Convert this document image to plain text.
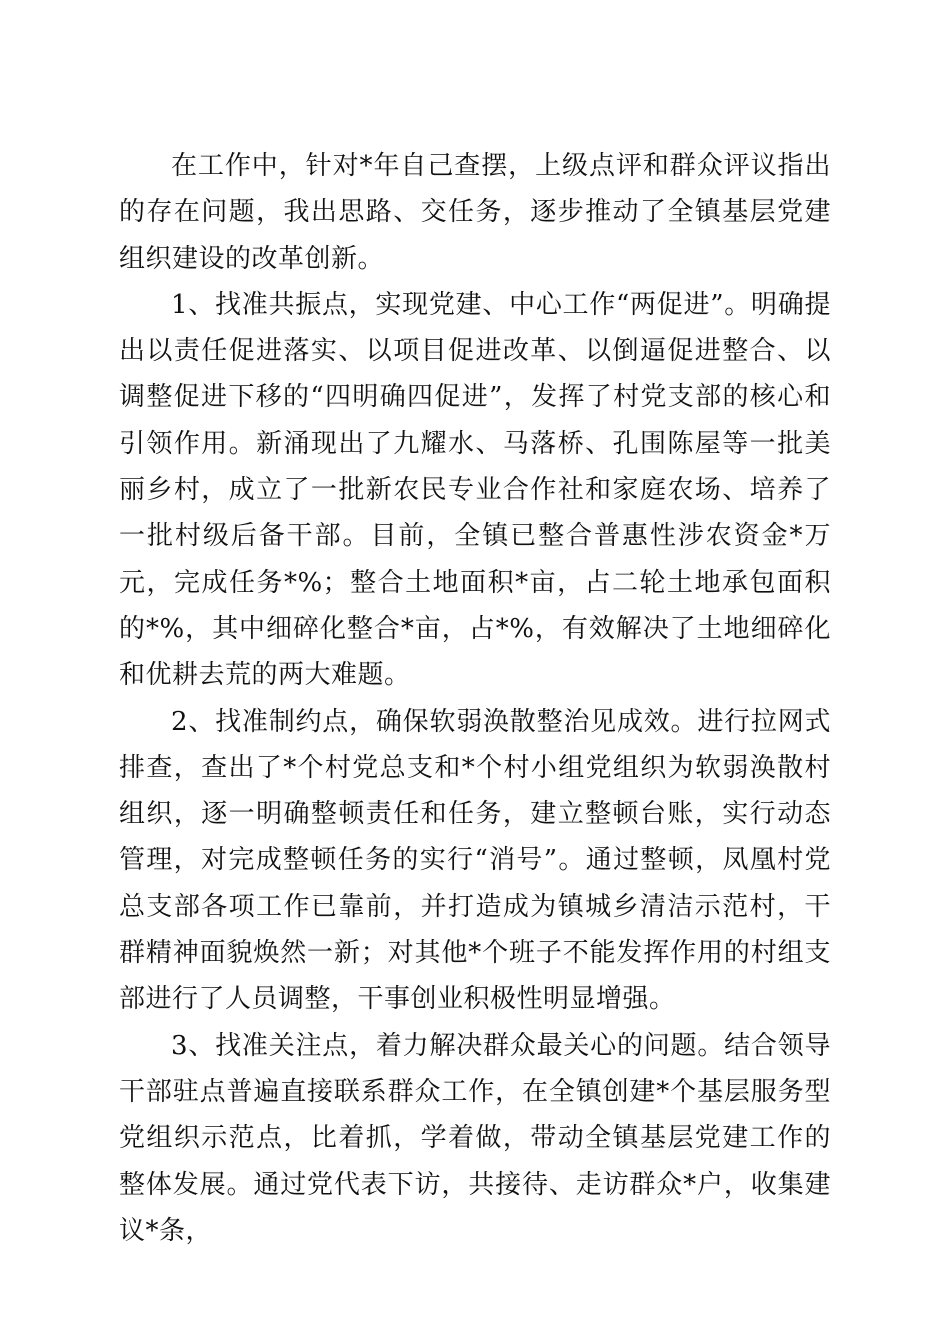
在工作中，针对*年自己查摆，上级点评和群众评议指出的存在问题，我出思路、交任务，逐步推动了全镇基层党建组织建设的改革创新。

1、找准共振点，实现党建、中心工作“两促进”。明确提出以责任促进落实、以项目促进改革、以倒逼促进整合、以调整促进下移的“四明确四促进”，发挥了村党支部的核心和引领作用。新涌现出了九耀水、马落桥、孔围陈屋等一批美丽乡村，成立了一批新农民专业合作社和家庭农场、培养了一批村级后备干部。目前，全镇已整合普惠性涉农资金*万元，完成任务*%；整合土地面积*亩，占二轮土地承包面积的*%，其中细碎化整合*亩，占*%，有效解决了土地细碎化和优耕去荒的两大难题。

2、找准制约点，确保软弱涣散整治见成效。进行拉网式排查，查出了*个村党总支和*个村小组党组织为软弱涣散村组织，逐一明确整顿责任和任务，建立整顿台账，实行动态管理，对完成整顿任务的实行“消号”。通过整顿，凤凰村党总支部各项工作已靠前，并打造成为镇城乡清洁示范村，干群精神面貌焕然一新；对其他*个班子不能发挥作用的村组支部进行了人员调整，干事创业积极性明显增强。

3、找准关注点，着力解决群众最关心的问题。结合领导干部驻点普遍直接联系群众工作，在全镇创建*个基层服务型党组织示范点，比着抓，学着做，带动全镇基层党建工作的整体发展。通过党代表下访，共接待、走访群众*户，收集建议*条，
